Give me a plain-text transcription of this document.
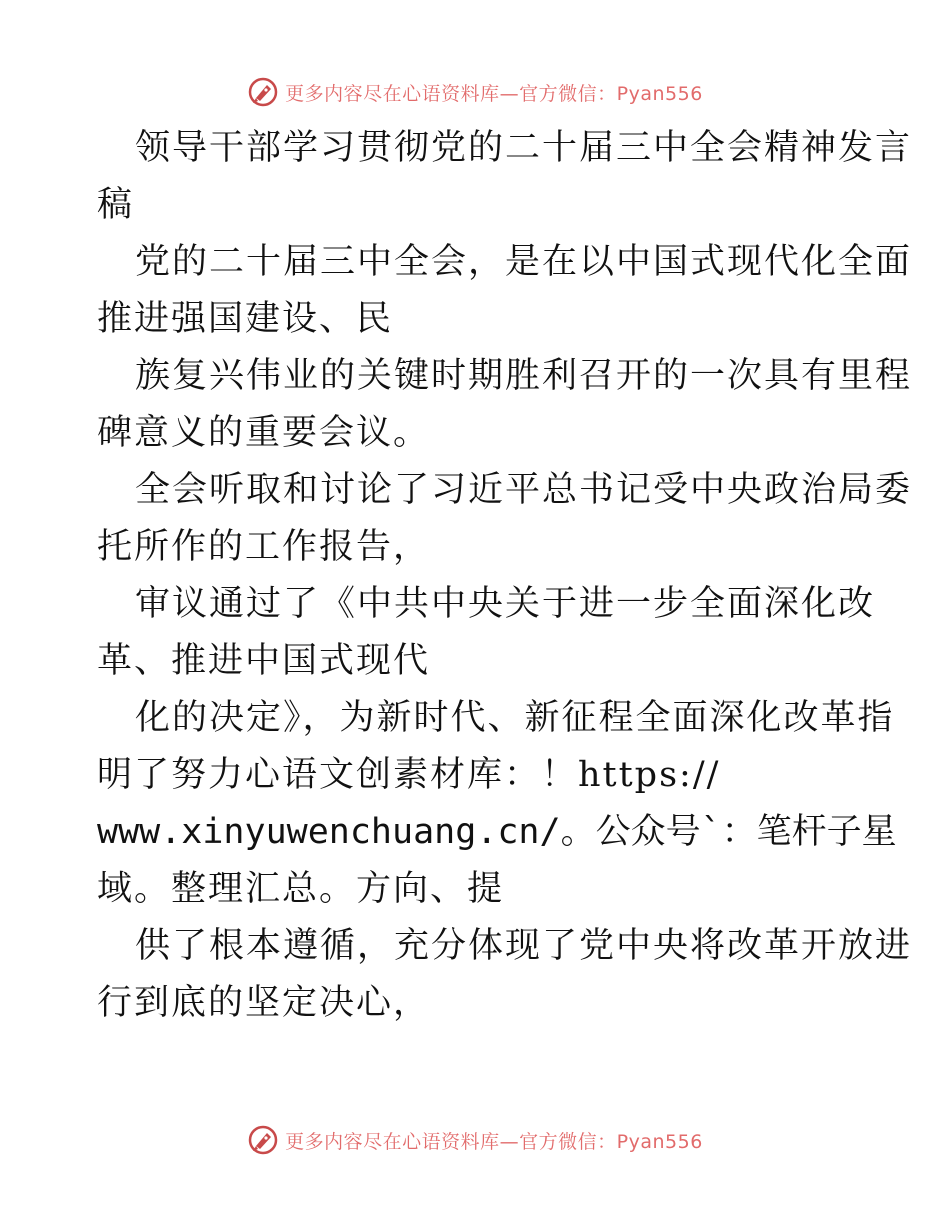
更多内容尽在心语资料库—官方微信：Pyan556
领导干部学习贯彻党的二十届三中全会精神发言
稿
党的二十届三中全会，是在以中国式现代化全面
推进强国建设、民
族复兴伟业的关键时期胜利召开的一次具有里程
碑意义的重要会议。
全会听取和讨论了习近平总书记受中央政治局委
托所作的工作报告，
审议通过了《中共中央关于进一步全面深化改
革、推进中国式现代
化的决定》，为新时代、新征程全面深化改革指
明了努力心语文创素材库：！https://
www.xinyuwenchuang.cn/。公众号`：笔杆子星
域。整理汇总。方向、提
供了根本遵循，充分体现了党中央将改革开放进
行到底的坚定决心，
更多内容尽在心语资料库—官方微信：Pyan556
